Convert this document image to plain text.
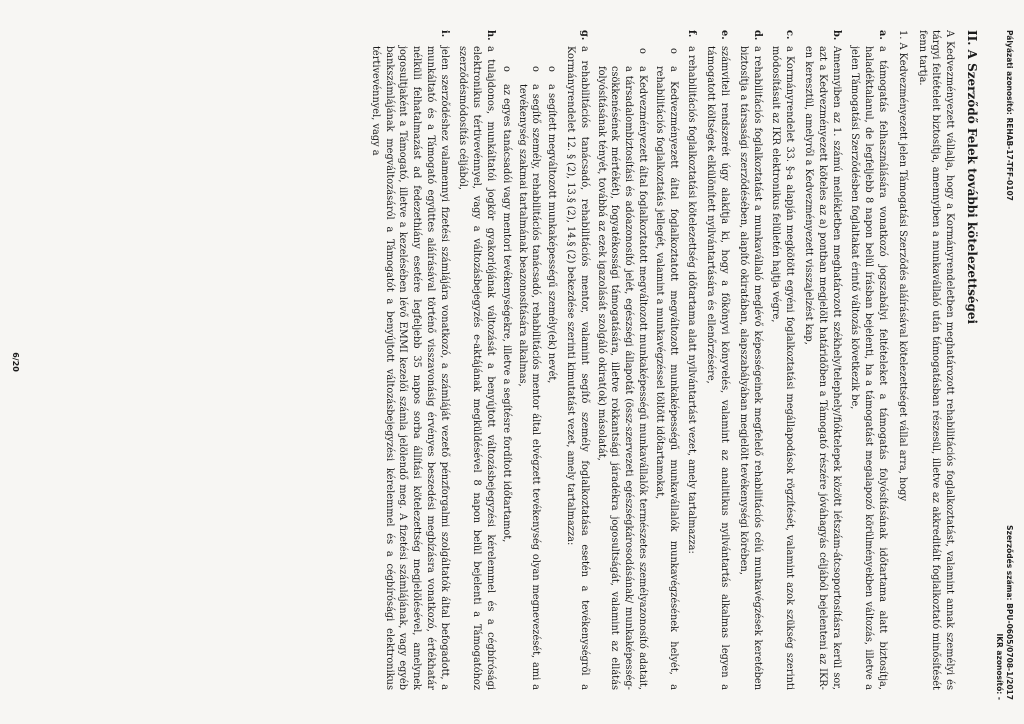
Pályázati azonosító: REHAB-17-TFF-0107
Szerződés száma: BPU-0605/0708-1/2017
IKR azonosító: -
II. A Szerződő Felek további kötelezettségei

A Kedvezményezett vállalja, hogy a Kormányrendeletben meghatározott rehabilitációs foglalkoztatást, valamint annak személyi és tárgyi feltételeit biztosítja, amennyiben a munkavállaló után támogatásban részesül, illetve az akkreditált foglalkoztató minősítését fenn tartja.

1. A Kedvezményezett jelen Támogatási Szerződés aláírásával kötelezettséget vállal arra, hogy

a.
a támogatás felhasználására vonatkozó jogszabályi feltételeket a támogatás folyósításának időtartama alatt biztosítja, haladéktalanul, de legfeljebb 8 napon belül írásban bejelenti, ha a támogatást megalapozó körülményekben változás, illetve a jelen Támogatási Szerződésben foglaltakat érintő változás következik be,
b.
Amennyiben az 1. számú mellékletben meghatározott székhely/telephely/fióktelepek között létszám-átcsoportosításra kerül sor, azt a Kedvezményezett köteles az a) pontban megjelölt határidőben a Támogató részére jóváhagyás céljából bejelenteni az IKR-en keresztül, amelyről a Kedvezményezett visszajelzést kap,
c.
a Kormányrendelet 33. §-a alapján megkötött egyéni foglalkoztatási megállapodások rögzítését, valamint azok szükség szerinti módosításait az IKR elektronikus felületén hajtja végre,
d.
a rehabilitációs foglalkoztatást a munkavállaló meglévő képességeinek megfelelő rehabilitációs célú munkavégzések keretében biztosítja a társasági szerződésében, alapító okiratában, alapszabályában megjelölt tevékenységi körében,
e.
számviteli rendszerét úgy alakítja ki, hogy a főkönyvi könyvelés, valamint az analitikus nyilvántartás alkalmas legyen a támogatott költségek elkülönített nyilvántartására és ellenőrzésére,
f.
a rehabilitációs foglalkoztatási kötelezettség időtartama alatt nyilvántartást vezet, amely tartalmazza:
o
a Kedvezményezett által foglalkoztatott megváltozott munkaképességű munkavállalók munkavégzésének helyét, a rehabilitációs foglalkoztatás jellegét, valamint a munkavégzéssel töltött időtartamokat,
o
a Kedvezményezett által foglalkoztatott megváltozott munkaképességű munkavállalók természetes személyazonosító adatait, a társadalombiztosítási és adóazonosító jelét, egészségi állapotát (össz-szervezeti egészségkárosodásának/ munkaképesség-csökkenésének mértékét), fogyatékossági támogatására, illetve rokkantsági járadékra jogosultságát, valamint az ellátás folyósításának tényét, továbbá az ezek igazolását szolgáló okirat(ok) másolatát,
g.
a rehabilitációs tanácsadó, rehabilitációs mentor, valamint segítő személy foglalkoztatása esetén a tevékenységről a Kormányrendelet 12. § (2), 13.§ (2), 14.§ (2) bekezdése szerinti kimutatást vezet, amely tartalmazza:
o
a segített megváltozott munkaképességű személy(ek) nevét,
o
a segítő személy, rehabilitációs tanácsadó, rehabilitációs mentor által elvégzett tevékenység olyan megnevezését, ami a tevékenység szakmai tartalmának beazonosítására alkalmas,
o
az egyes tanácsadói vagy mentori tevékenységekre, illetve a segítésre fordított időtartamot,
h.
a tulajdonos, munkáltatói jogkör gyakorlójának változását a benyújtott változásbejegyzési kérelemmel és a cégbírósági elektronikus tértivevénnyel, vagy a változásbejegyzés e-aktájának megküldésével 8 napon belül bejelenti a Támogatóhoz szerződésmódosítás céljából,
i.
jelen szerződéshez valamennyi fizetési számlájára vonatkozó, a számláját vezető pénzforgalmi szolgáltatók által befogadott, a munkáltató és a Támogató együttes aláírásával történő visszavonásig érvényes beszedési megbízásra vonatkozó, értékhatár nélküli felhatalmazást ad fedezethiány esetére legfeljebb 35 napos sorba állítási kötelezettség megjelölésével, amelynek jogosultjaként a Támogató, illetve a kezelésében lévő EMMI kezelői számla jelölendő meg. A fizetési számlájának, vagy egyéb bankszámlájának megváltozásáról a Támogatót a benyújtott változásbejegyzési kérelemmel és a cégbírósági elektronikus tértivevénnyel, vagy a
6/20
